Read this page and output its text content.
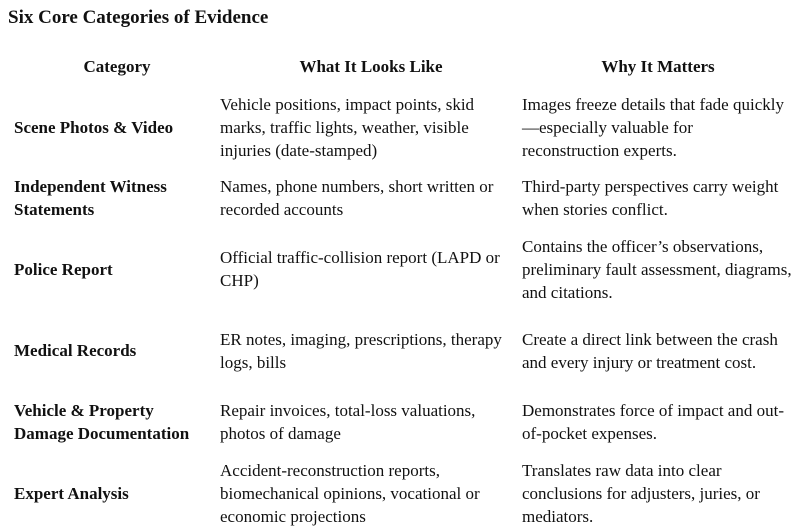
Six Core Categories of Evidence
Category	What It Looks Like	Why It Matters
Scene Photos & Video	Vehicle positions, impact points, skid marks, traffic lights, weather, visible injuries (date-stamped)	Images freeze details that fade quickly—especially valuable for reconstruction experts.
Independent Witness Statements	Names, phone numbers, short written or recorded accounts	Third-party perspectives carry weight when stories conflict.
Police Report	Official traffic-collision report (LAPD or CHP)	Contains the officer’s observations, preliminary fault assessment, diagrams, and citations.
Medical Records	ER notes, imaging, prescriptions, therapy logs, bills	Create a direct link between the crash and every injury or treatment cost.
Vehicle & Property Damage Documentation	Repair invoices, total-loss valuations, photos of damage	Demonstrates force of impact and out-of-pocket expenses.
Expert Analysis	Accident-reconstruction reports, biomechanical opinions, vocational or economic projections	Translates raw data into clear conclusions for adjusters, juries, or mediators.
